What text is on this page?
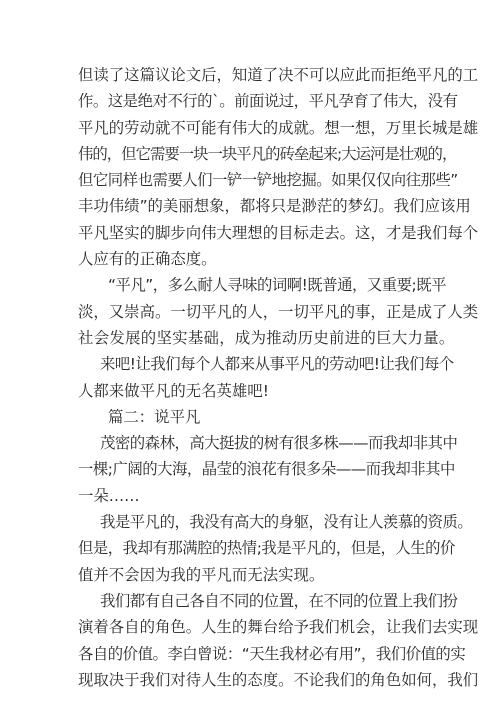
但读了这篇议论文后，知道了决不可以应此而拒绝平凡的工
作。这是绝对不行的`。前面说过，平凡孕育了伟大，没有
平凡的劳动就不可能有伟大的成就。想一想，万里长城是雄
伟的，但它需要一块一块平凡的砖垒起来;大运河是壮观的，
但它同样也需要人们一铲一铲地挖掘。如果仅仅向往那些”
丰功伟绩”的美丽想象，都将只是渺茫的梦幻。我们应该用
平凡坚实的脚步向伟大理想的目标走去。这，才是我们每个
人应有的正确态度。
“平凡”，多么耐人寻味的词啊!既普通，又重要;既平
淡，又崇高。一切平凡的人，一切平凡的事，正是成了人类
社会发展的坚实基础，成为推动历史前进的巨大力量。
来吧!让我们每个人都来从事平凡的劳动吧!让我们每个
人都来做平凡的无名英雄吧!
篇二：说平凡
茂密的森林，高大挺拔的树有很多株——而我却非其中
一棵;广阔的大海，晶莹的浪花有很多朵——而我却非其中
一朵……
我是平凡的，我没有高大的身躯，没有让人羡慕的资质。
但是，我却有那满腔的热情;我是平凡的，但是，人生的价
值并不会因为我的平凡而无法实现。
我们都有自己各自不同的位置，在不同的位置上我们扮
演着各自的角色。人生的舞台给予我们机会，让我们去实现
各自的价值。李白曾说：“天生我材必有用”，我们价值的实
现取决于我们对待人生的态度。不论我们的角色如何，我们
